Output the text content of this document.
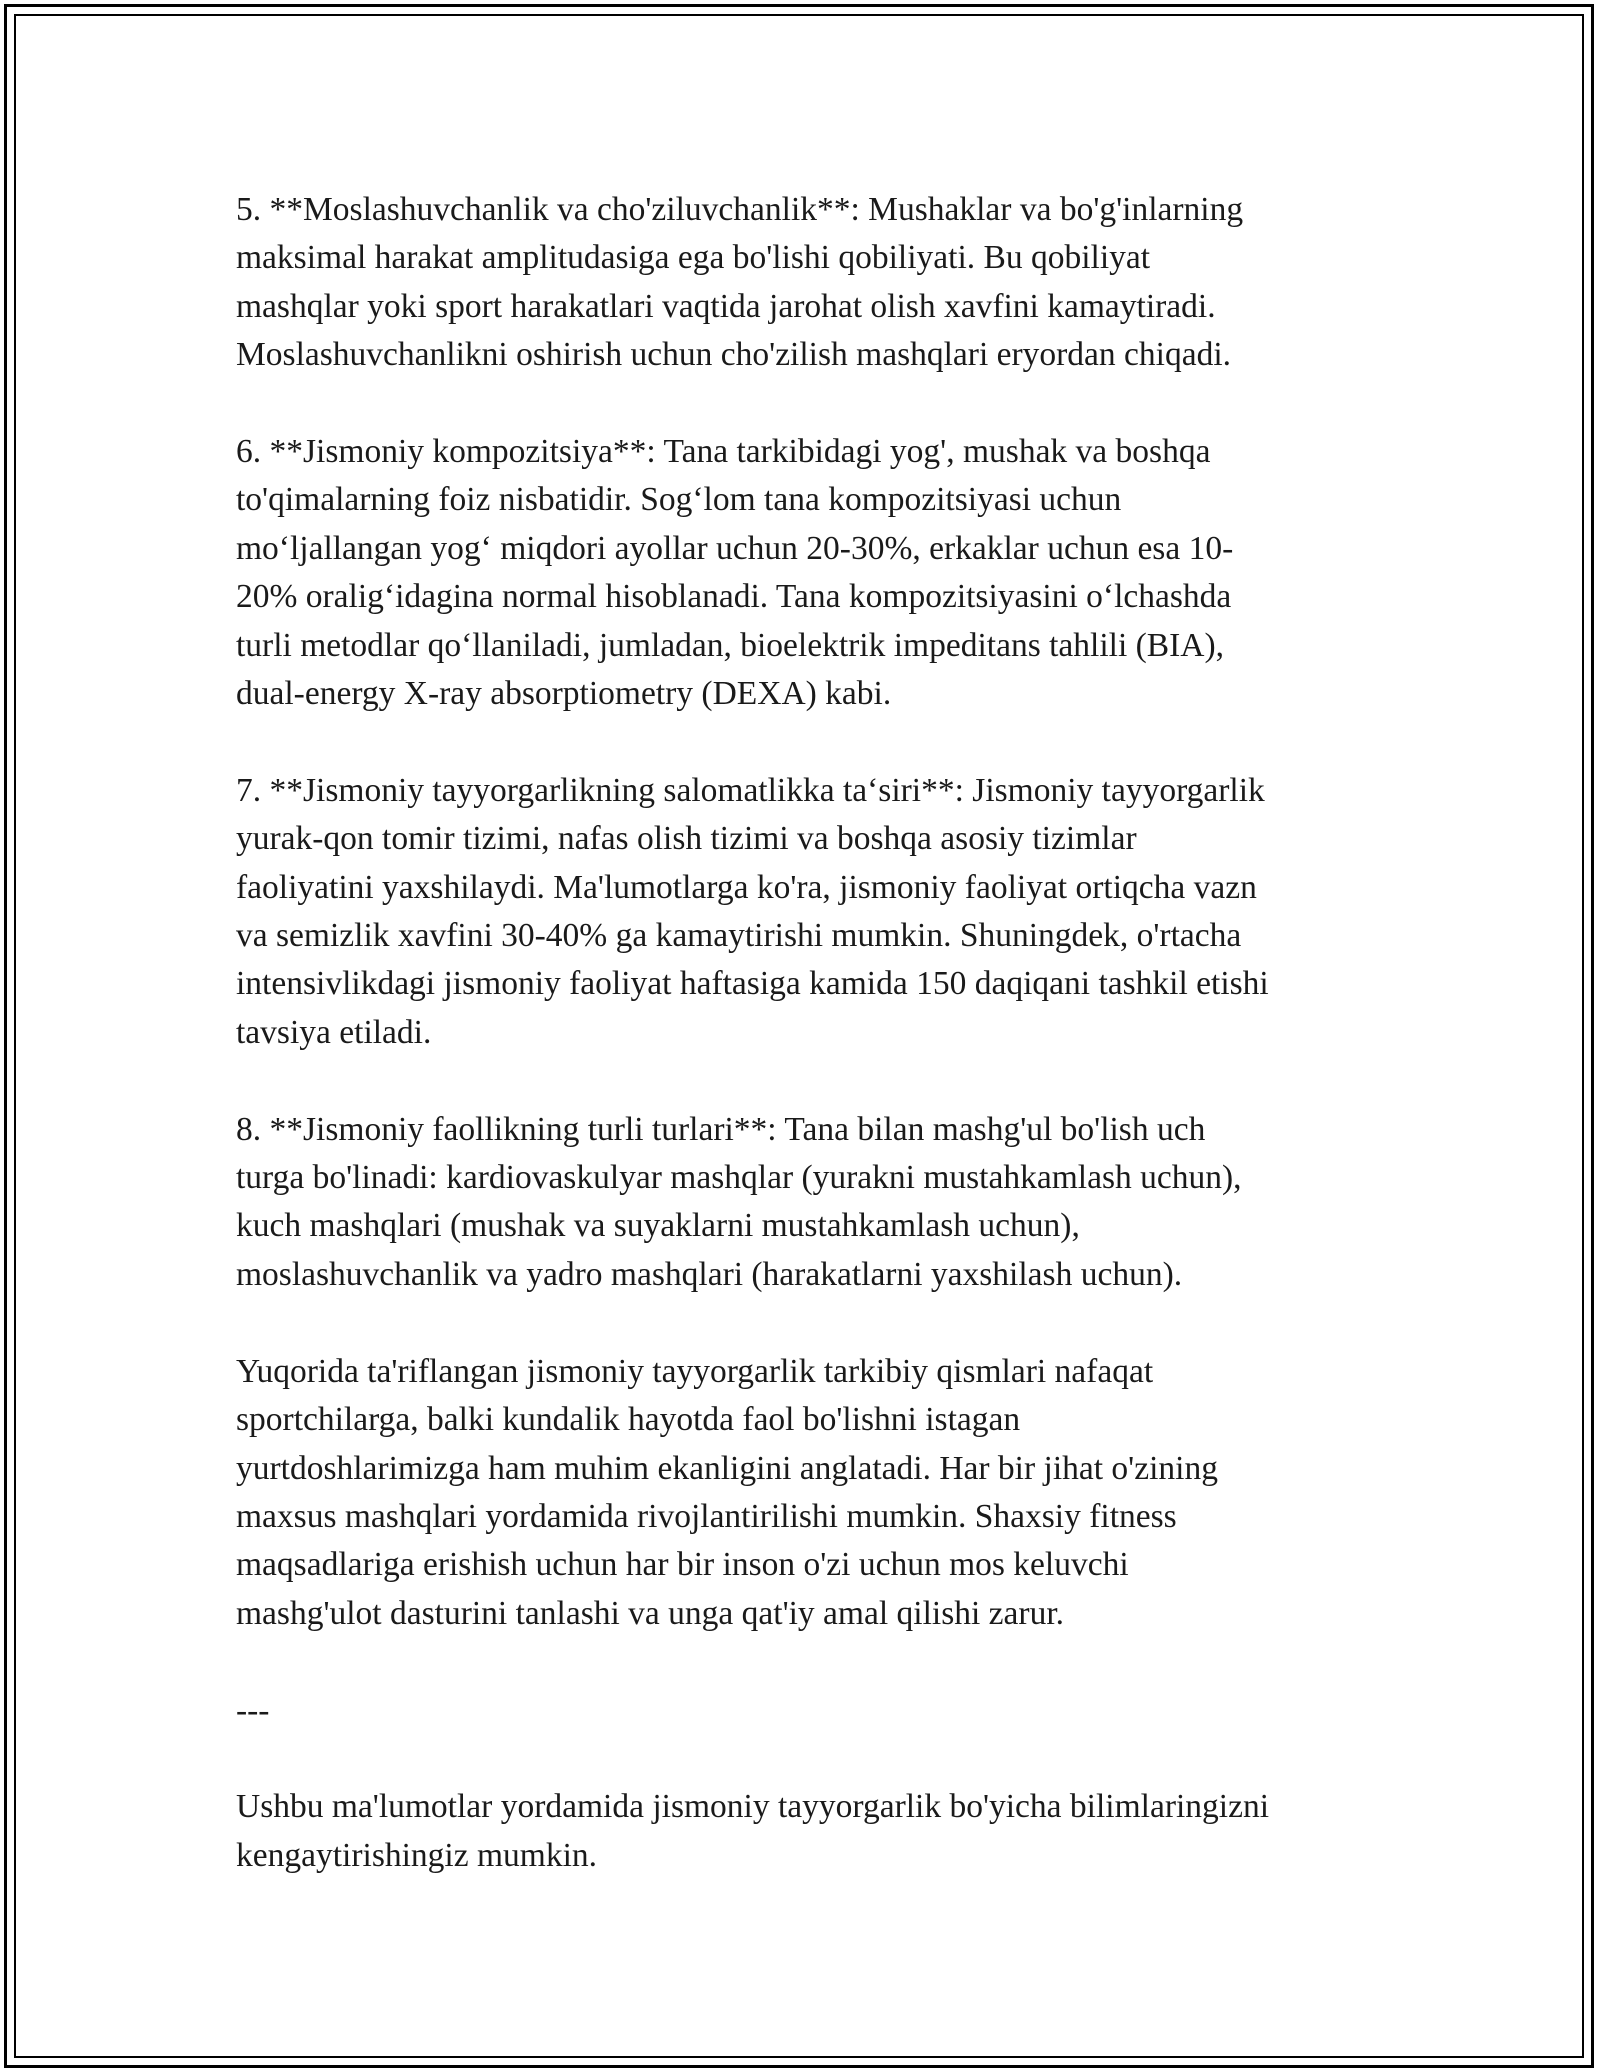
5. **Moslashuvchanlik va cho'ziluvchanlik**: Mushaklar va bo'g'inlarning
maksimal harakat amplitudasiga ega bo'lishi qobiliyati. Bu qobiliyat
mashqlar yoki sport harakatlari vaqtida jarohat olish xavfini kamaytiradi.
Moslashuvchanlikni oshirish uchun cho'zilish mashqlari eryordan chiqadi.

6. **Jismoniy kompozitsiya**: Tana tarkibidagi yog', mushak va boshqa
to'qimalarning foiz nisbatidir. Sog‘lom tana kompozitsiyasi uchun
mo‘ljallangan yog‘ miqdori ayollar uchun 20-30%, erkaklar uchun esa 10-
20% oralig‘idagina normal hisoblanadi. Tana kompozitsiyasini o‘lchashda
turli metodlar qo‘llaniladi, jumladan, bioelektrik impeditans tahlili (BIA),
dual-energy X-ray absorptiometry (DEXA) kabi.

7. **Jismoniy tayyorgarlikning salomatlikka ta‘siri**: Jismoniy tayyorgarlik
yurak-qon tomir tizimi, nafas olish tizimi va boshqa asosiy tizimlar
faoliyatini yaxshilaydi. Ma'lumotlarga ko'ra, jismoniy faoliyat ortiqcha vazn
va semizlik xavfini 30-40% ga kamaytirishi mumkin. Shuningdek, o'rtacha
intensivlikdagi jismoniy faoliyat haftasiga kamida 150 daqiqani tashkil etishi
tavsiya etiladi.

8. **Jismoniy faollikning turli turlari**: Tana bilan mashg'ul bo'lish uch
turga bo'linadi: kardiovaskulyar mashqlar (yurakni mustahkamlash uchun),
kuch mashqlari (mushak va suyaklarni mustahkamlash uchun),
moslashuvchanlik va yadro mashqlari (harakatlarni yaxshilash uchun).

Yuqorida ta'riflangan jismoniy tayyorgarlik tarkibiy qismlari nafaqat
sportchilarga, balki kundalik hayotda faol bo'lishni istagan
yurtdoshlarimizga ham muhim ekanligini anglatadi. Har bir jihat o'zining
maxsus mashqlari yordamida rivojlantirilishi mumkin. Shaxsiy fitness
maqsadlariga erishish uchun har bir inson o'zi uchun mos keluvchi
mashg'ulot dasturini tanlashi va unga qat'iy amal qilishi zarur.

---

Ushbu ma'lumotlar yordamida jismoniy tayyorgarlik bo'yicha bilimlaringizni
kengaytirishingiz mumkin.
